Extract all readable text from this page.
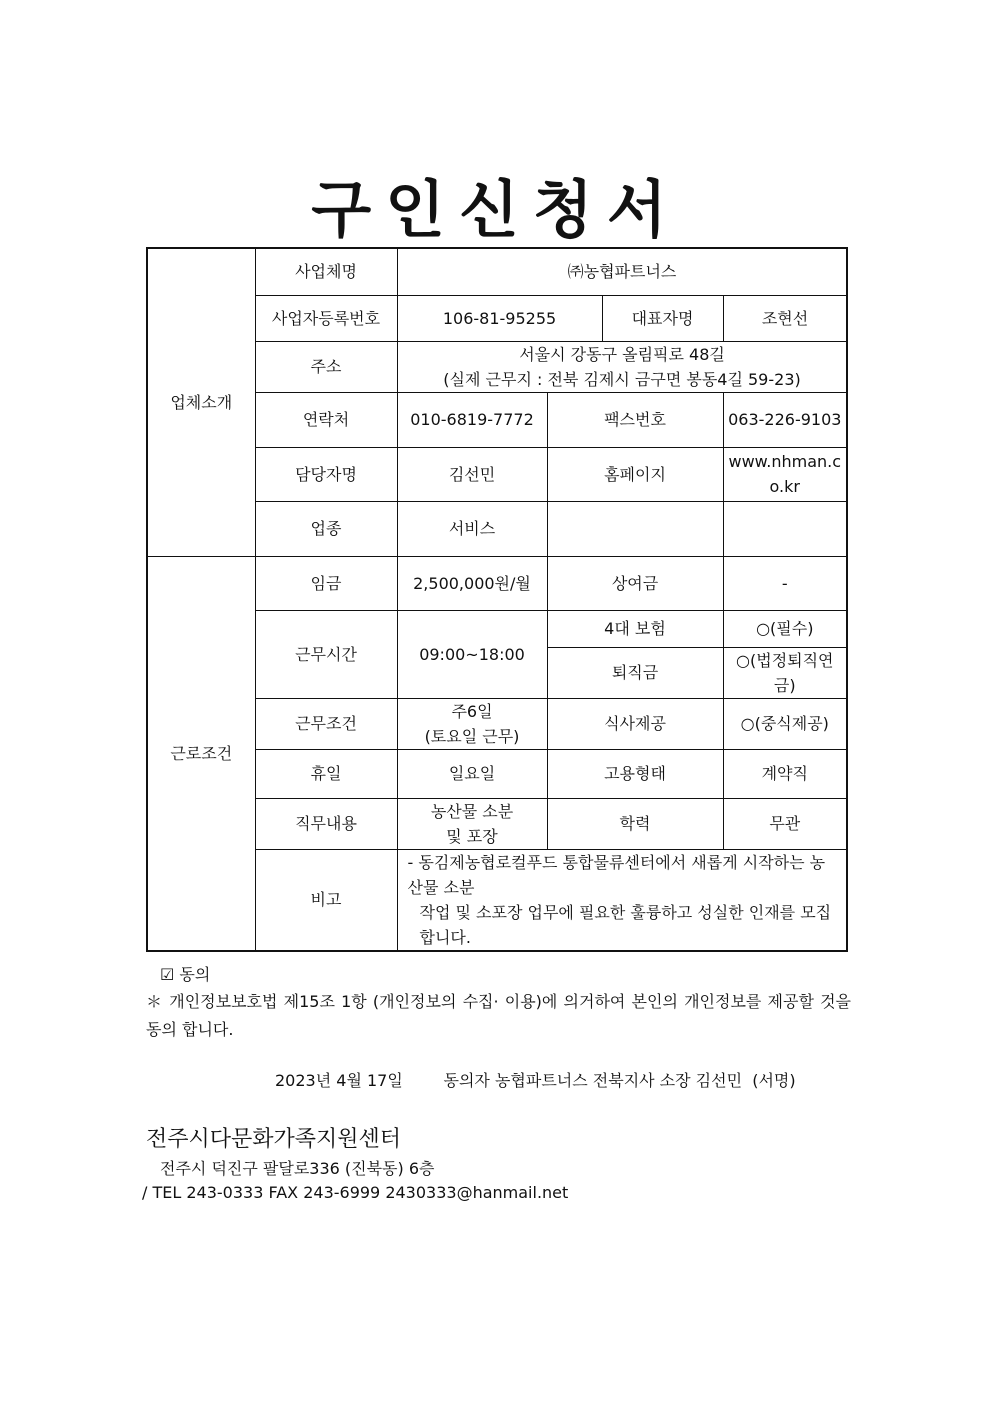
구인신청서
업체소개	사업체명	㈜농협파트너스			
	사업자등록번호	106-81-95255		대표자명	조현선
	주소	서울시 강동구 올림픽로 48길
(실제 근무지 : 전북 김제시 금구면 봉동4길 59-23)			

	연락처	010-6819-7772	팩스번호		063-226-9103
	담당자명	김선민	홈페이지		www.nhman.co.kr
	업종	서비스			
근로조건	임금	2,500,000원/월	상여금		-
	근무시간	09:00~18:00	4대 보험		○(필수)
			퇴직금		○(법정퇴직연금)
	근무조건	주6일
(토요일 근무)	식사제공		○(중식제공)
	휴일	일요일	고용형태		계약직
	직무내용	농산물 소분
및 포장	학력		무관
	비고	- 동김제농협로컬푸드 통합물류센터에서 새롭게 시작하는 농산물 소분
작업 및 소포장 업무에 필요한 훌륭하고 성실한 인재를 모집합니다.			
☑ 동의
＊ 개인정보보호법 제15조 1항 (개인정보의 수집· 이용)에 의거하여 본인의 개인정보를 제공할 것을 동의 합니다.
2023년 4월 17일	동의자 농협파트너스 전북지사 소장 김선민  (서명)
전주시다문화가족지원센터
전주시 덕진구 팔달로336 (진북동) 6층
/ TEL 243-0333 FAX 243-6999 2430333@hanmail.net
